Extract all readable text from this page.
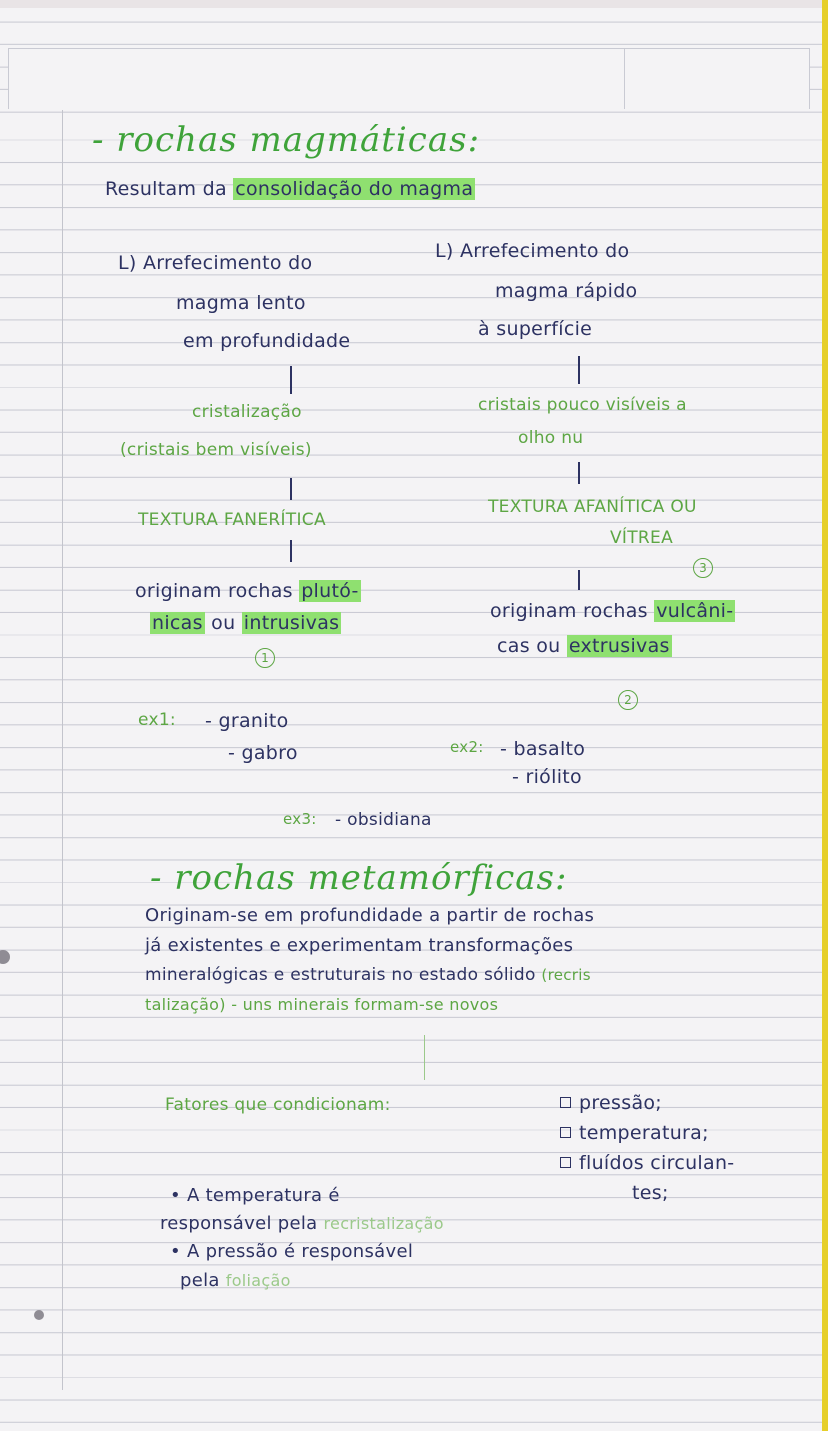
- rochas magmáticas:
Resultam da consolidação do magma
L) Arrefecimento do
magma lento
em profundidade
cristalização
(cristais bem visíveis)
TEXTURA FANERÍTICA
originam rochas plutó-
nicas ou intrusivas
1
L) Arrefecimento do
magma rápido
à superfície
cristais pouco visíveis a
olho nu
TEXTURA AFANÍTICA OU
VÍTREA
3
originam rochas vulcâni-
cas ou extrusivas
2
ex1: - granito
- gabro	ex2: - basalto
- riólito
ex3: - obsidiana
- rochas metamórficas:
Originam-se em profundidade a partir de rochas
já existentes e experimentam transformações
mineralógicas e estruturais no estado sólido (recris
talização) - uns minerais formam-se novos
Fatores que condicionam:	pressão;
temperatura;
fluídos circulan-
tes;
• A temperatura é
responsável pela recristalização
• A pressão é responsável
pela foliação
